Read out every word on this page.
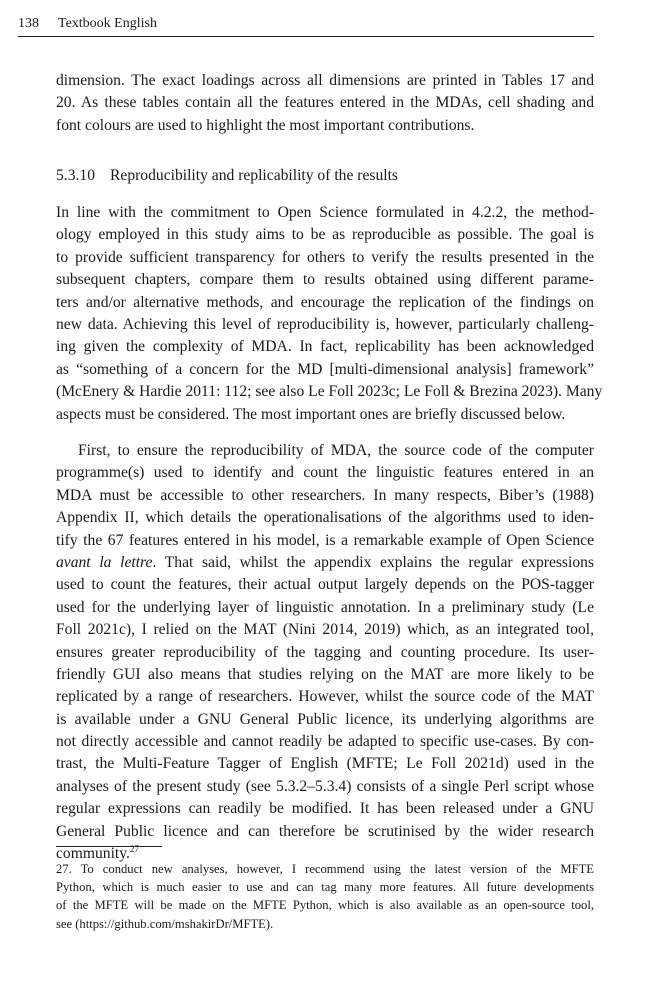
138 Textbook English
dimension. The exact loadings across all dimensions are printed in Tables 17 and
20. As these tables contain all the features entered in the MDAs, cell shading and
font colours are used to highlight the most important contributions.
5.3.10 Reproducibility and replicability of the results
In line with the commitment to Open Science formulated in 4.2.2, the method-
ology employed in this study aims to be as reproducible as possible. The goal is
to provide sufficient transparency for others to verify the results presented in the
subsequent chapters, compare them to results obtained using different parame-
ters and/or alternative methods, and encourage the replication of the findings on
new data. Achieving this level of reproducibility is, however, particularly challeng-
ing given the complexity of MDA. In fact, replicability has been acknowledged
as “something of a concern for the MD [multi-dimensional analysis] framework”
(McEnery & Hardie 2011: 112; see also Le Foll 2023c; Le Foll & Brezina 2023). Many
aspects must be considered. The most important ones are briefly discussed below.
First, to ensure the reproducibility of MDA, the source code of the computer
programme(s) used to identify and count the linguistic features entered in an
MDA must be accessible to other researchers. In many respects, Biber’s (1988)
Appendix II, which details the operationalisations of the algorithms used to iden-
tify the 67 features entered in his model, is a remarkable example of Open Science
avant la lettre. That said, whilst the appendix explains the regular expressions
used to count the features, their actual output largely depends on the POS-tagger
used for the underlying layer of linguistic annotation. In a preliminary study (Le
Foll 2021c), I relied on the MAT (Nini 2014, 2019) which, as an integrated tool,
ensures greater reproducibility of the tagging and counting procedure. Its user-
friendly GUI also means that studies relying on the MAT are more likely to be
replicated by a range of researchers. However, whilst the source code of the MAT
is available under a GNU General Public licence, its underlying algorithms are
not directly accessible and cannot readily be adapted to specific use-cases. By con-
trast, the Multi-Feature Tagger of English (MFTE; Le Foll 2021d) used in the
analyses of the present study (see 5.3.2–5.3.4) consists of a single Perl script whose
regular expressions can readily be modified. It has been released under a GNU
General Public licence and can therefore be scrutinised by the wider research
community.$^{27}$
27. To conduct new analyses, however, I recommend using the latest version of the MFTE
Python, which is much easier to use and can tag many more features. All future developments
of the MFTE will be made on the MFTE Python, which is also available as an open-source tool,
see (https://github.com/mshakirDr/MFTE).
